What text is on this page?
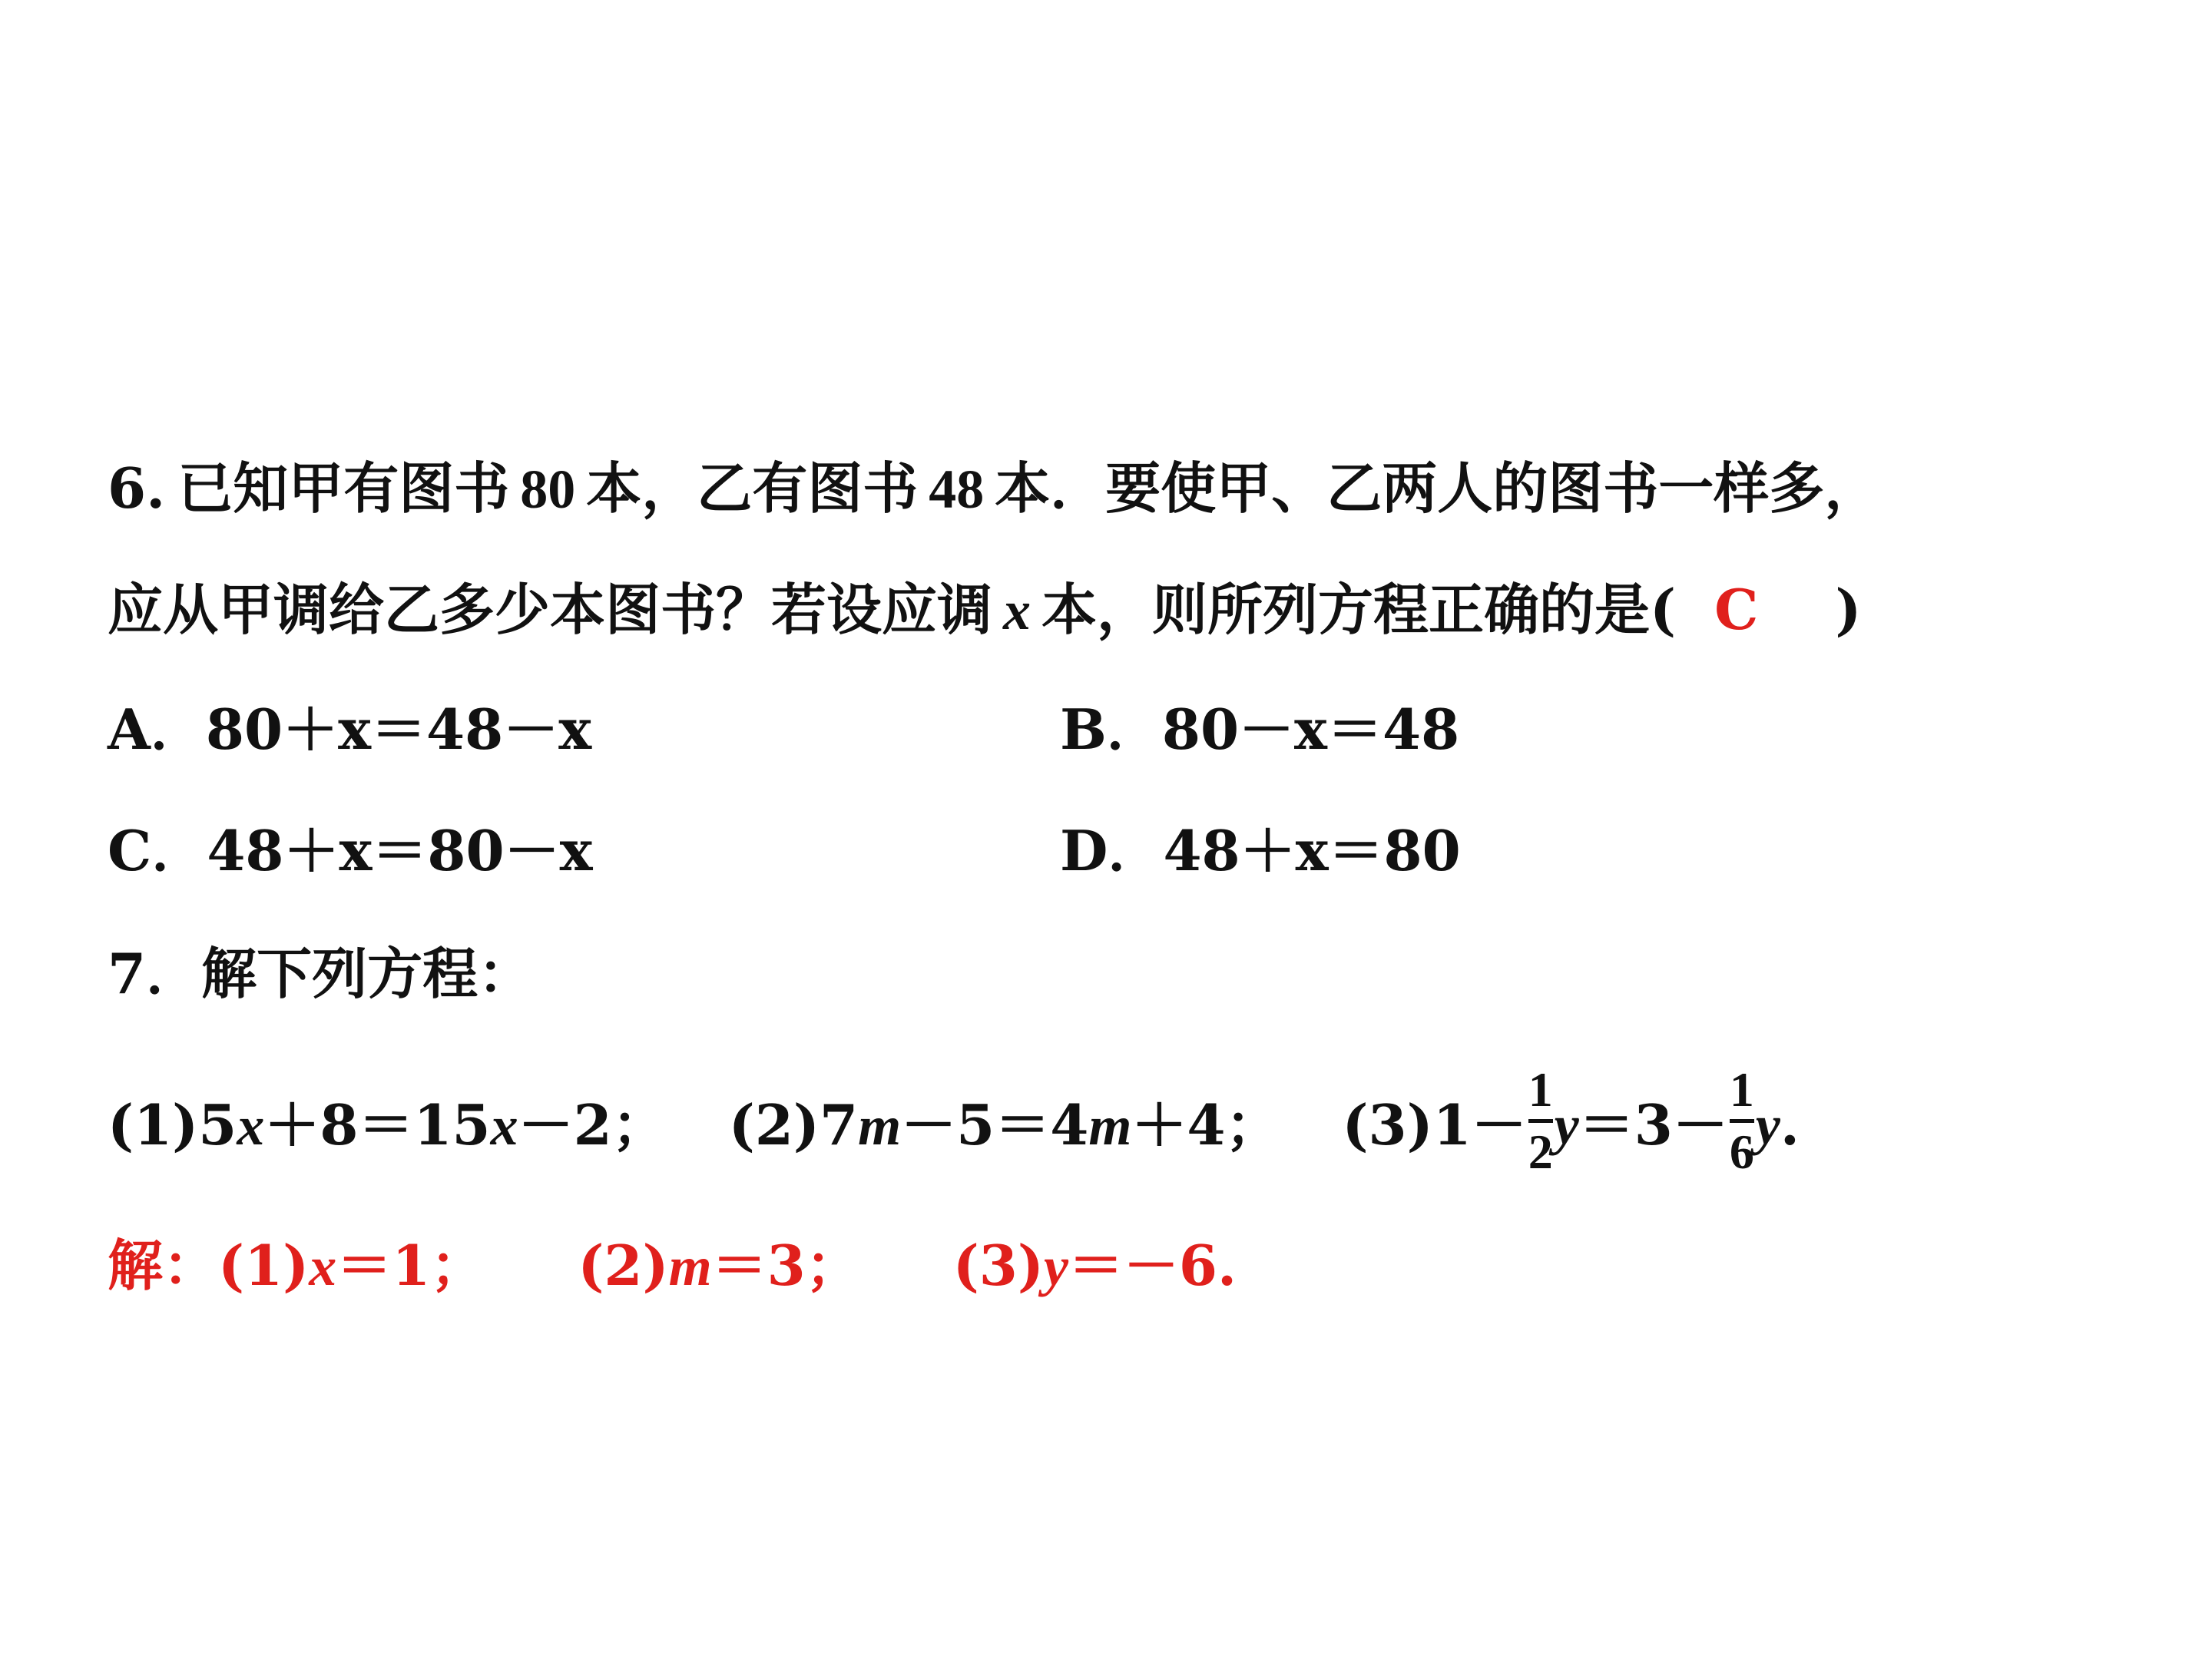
6. 已知甲有图书 80 本，乙有图书 48 本．要使甲、乙两人的图书一样多，
应从甲调给乙多少本图书？若设应调 x 本，则所列方程正确的是( C )
A．80＋x＝48－x	B．80－x＝48
C．48＋x＝80－x	D．48＋x＝80
7．解下列方程：
(1)5x＋8＝15x－2； (2)7m－5＝4m＋4； (3)1－
1
2 y ＝3－
1
6 y .
解：(1)x＝1； (2)m＝3； (3)y＝－6.
